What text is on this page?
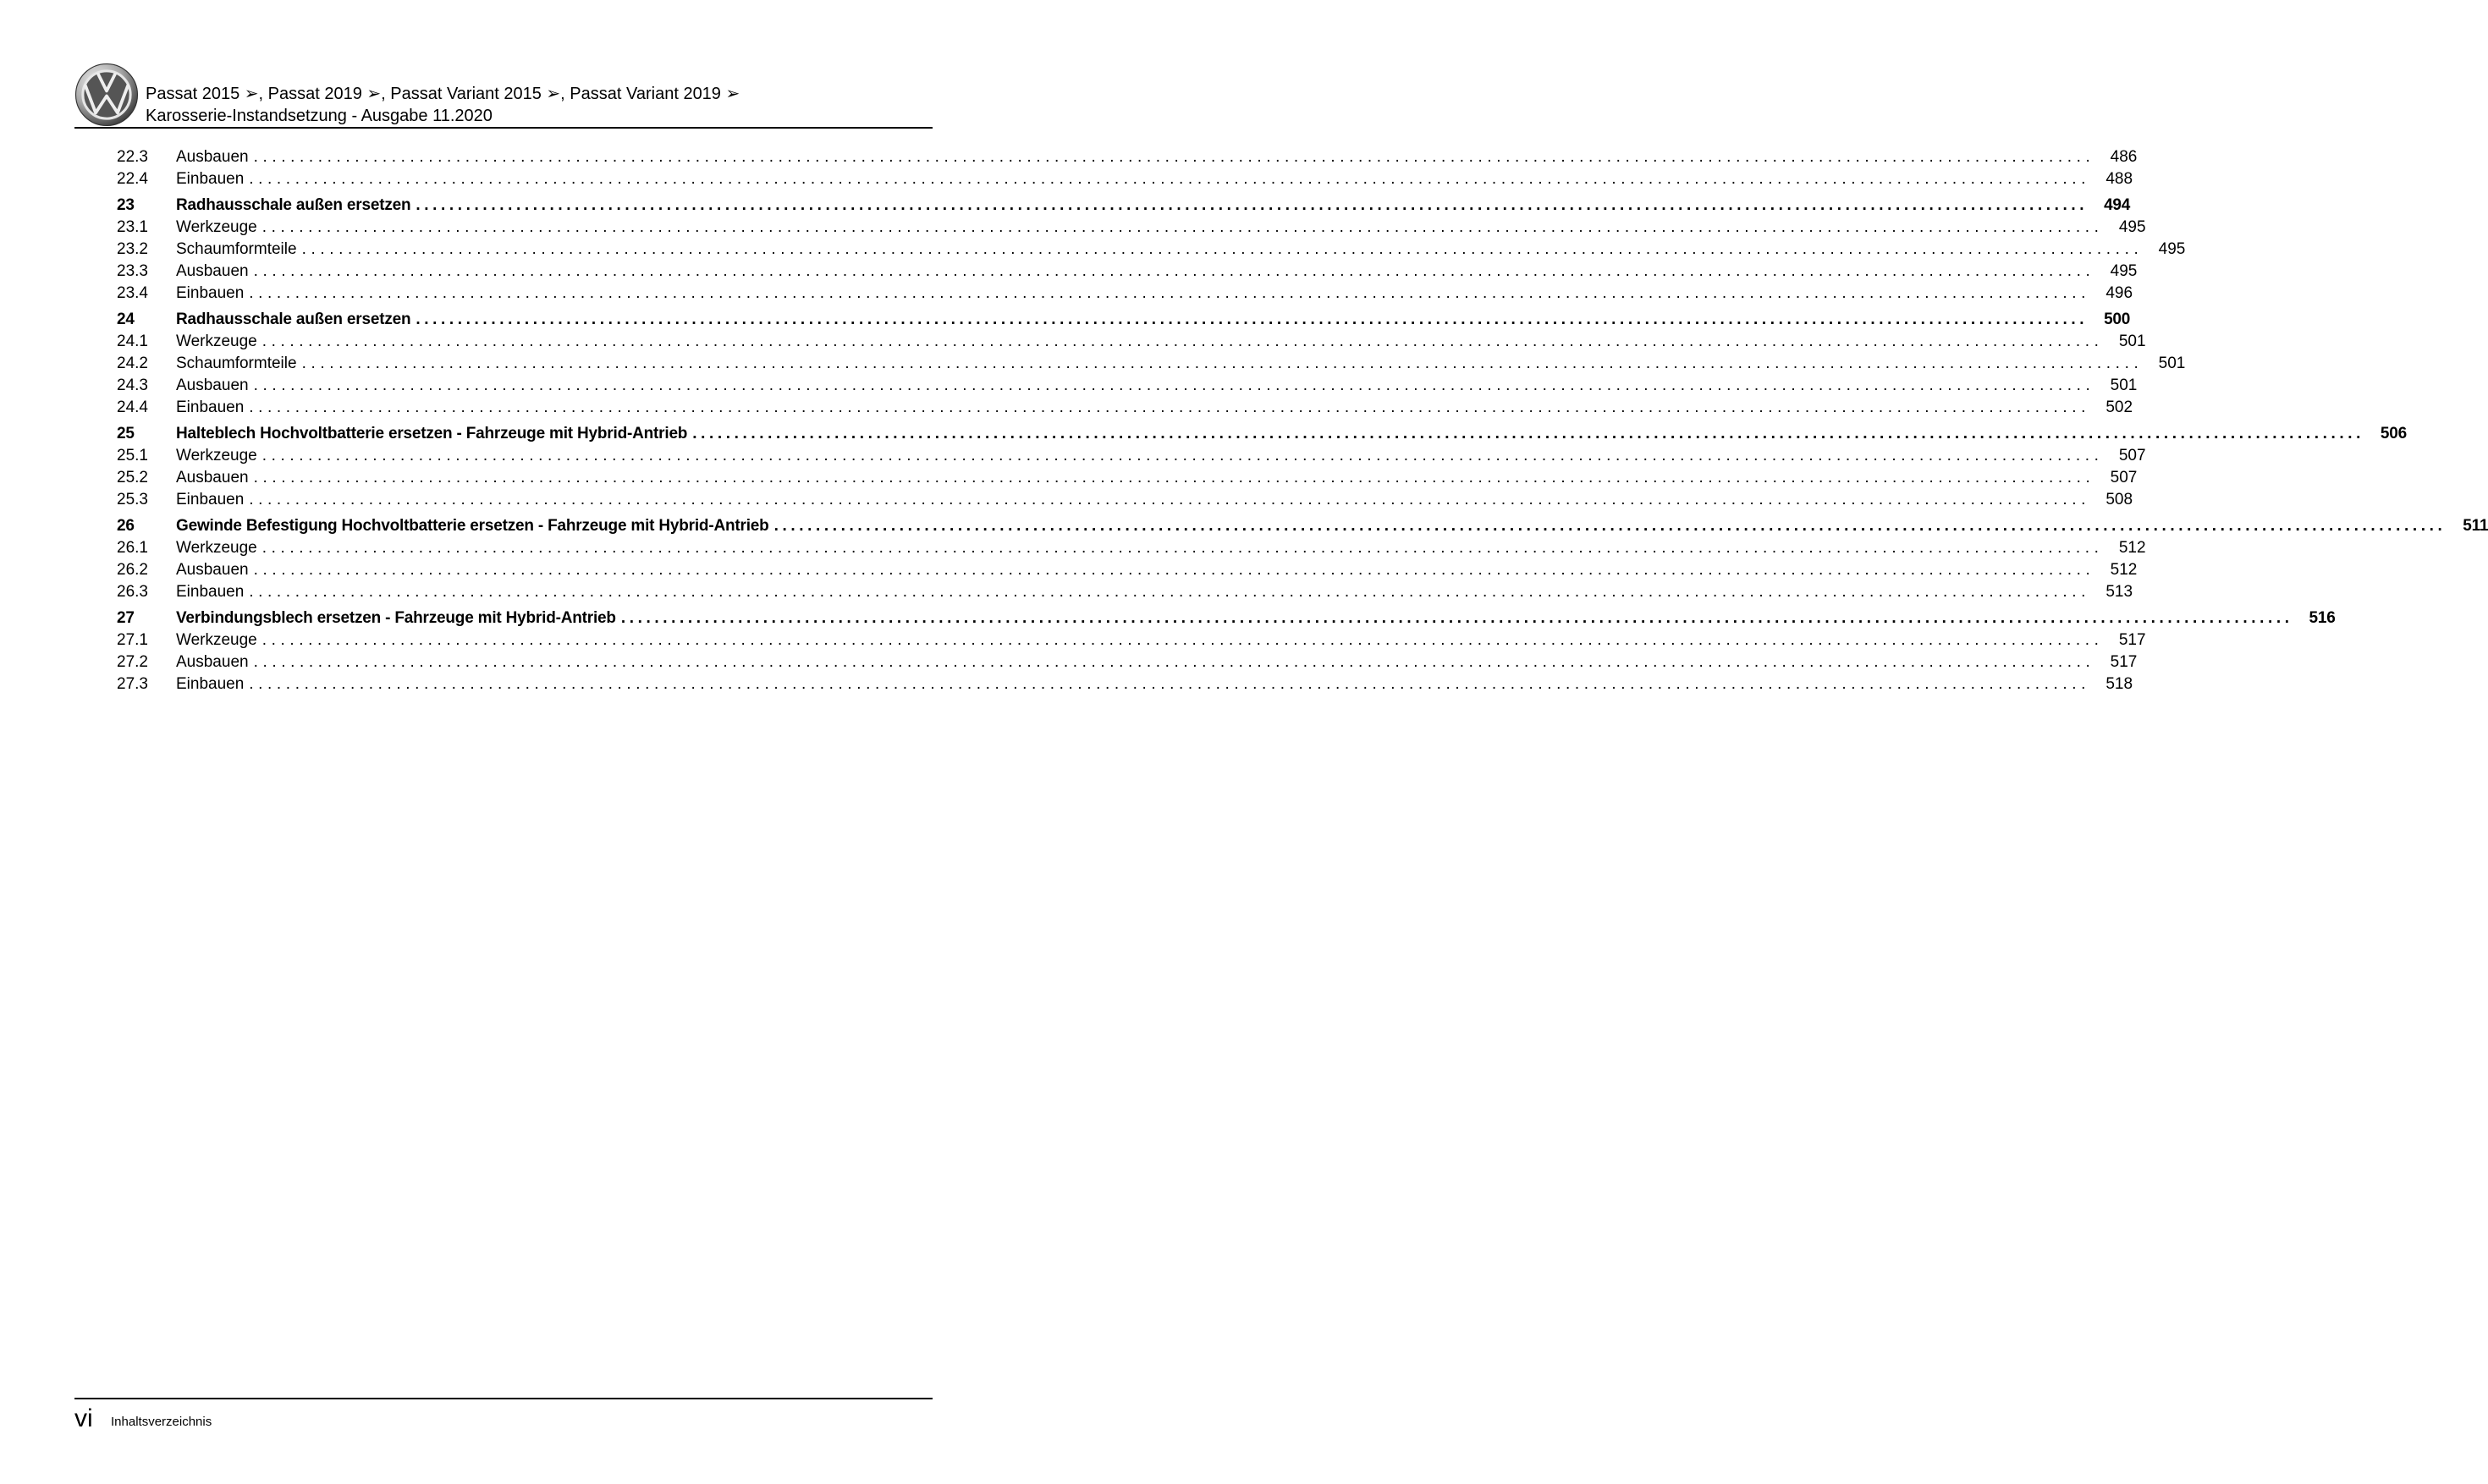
Passat 2015 ➢, Passat 2019 ➢, Passat Variant 2015 ➢, Passat Variant 2019 ➢
Karosserie-Instandsetzung - Ausgabe 11.2020
22.3	Ausbauen ........................................................................................................................................................................................................ 486
22.4	Einbauen ........................................................................................................................................................................................................ 488
23	Radhausschale außen ersetzen ........................................................................................................................................................................................................ 494
23.1	Werkzeuge ........................................................................................................................................................................................................ 495
23.2	Schaumformteile ........................................................................................................................................................................................................ 495
23.3	Ausbauen ........................................................................................................................................................................................................ 495
23.4	Einbauen ........................................................................................................................................................................................................ 496
24	Radhausschale außen ersetzen ........................................................................................................................................................................................................ 500
24.1	Werkzeuge ........................................................................................................................................................................................................ 501
24.2	Schaumformteile ........................................................................................................................................................................................................ 501
24.3	Ausbauen ........................................................................................................................................................................................................ 501
24.4	Einbauen ........................................................................................................................................................................................................ 502
25	Halteblech Hochvoltbatterie ersetzen - Fahrzeuge mit Hybrid-Antrieb ........................................................................................................................................................................................................ 506
25.1	Werkzeuge ........................................................................................................................................................................................................ 507
25.2	Ausbauen ........................................................................................................................................................................................................ 507
25.3	Einbauen ........................................................................................................................................................................................................ 508
26	Gewinde Befestigung Hochvoltbatterie ersetzen - Fahrzeuge mit Hybrid-Antrieb ........................................................................................................................................................................................................	511
26.1	Werkzeuge ........................................................................................................................................................................................................ 512
26.2	Ausbauen ........................................................................................................................................................................................................ 512
26.3	Einbauen ........................................................................................................................................................................................................ 513
27	Verbindungsblech ersetzen - Fahrzeuge mit Hybrid-Antrieb ........................................................................................................................................................................................................ 516
27.1	Werkzeuge ........................................................................................................................................................................................................ 517
27.2	Ausbauen ........................................................................................................................................................................................................ 517
27.3	Einbauen ........................................................................................................................................................................................................ 518
vi Inhaltsverzeichnis
